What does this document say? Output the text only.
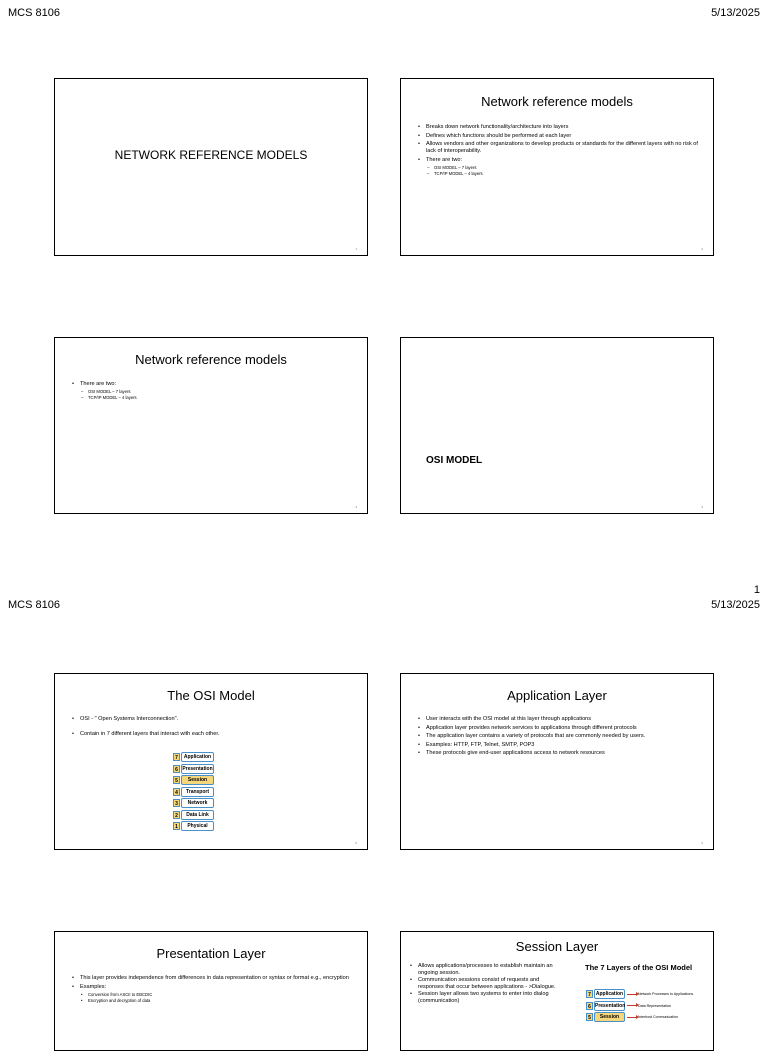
MCS 8106	5/13/2025
NETWORK REFERENCE MODELS
1
Network reference models
• Breaks down network functionality/architecture into layers
• Defines which functions should be performed at each layer
• Allows vendors and other organizations to develop products or standards for the different layers with no risk of lack of interoperability.
• There are two:
– OSI MODEL – 7 layers
– TCP/IP MODEL – 4 layers
2
Network reference models
• There are two:
– OSI MODEL – 7 layers
– TCP/IP MODEL – 4 layers
3
OSI MODEL
4
1
MCS 8106	5/13/2025
The OSI Model
• OSI - " Open Systems Interconnection".
• Contain in 7 different layers that interact with each other.
7	Application
6 Presentation
5	Session
4	Transport
3	Network
2	Data Link
1	Physical
5
Application Layer
• User interacts with the OSI model at this layer through applications
• Application layer provides network services to applications through different protocols
• The application layer contains a variety of protocols that are commonly needed by users.
• Examples: HTTP, FTP, Telnet, SMTP, POP3
• These protocols give end-user applications access to network resources
6
Presentation Layer
• This layer provides independence from differences in data representation or syntax or format e.g., encryption
• Examples:
• Conversion from ASCII to EBCDIC
• Encryption and decryption of data
Session Layer
• Allows applications/processes to establish maintain an ongoing session.
• Communication sessions consist of requests and responses that occur between applications - >Dialogue.
• Session layer allows two systems to enter into dialog (communication)
The 7 Layers of the OSI Model
7 Application	Network Processes to Applications
6 Presentation	Data Representation
5	Session	Interhost Communication
